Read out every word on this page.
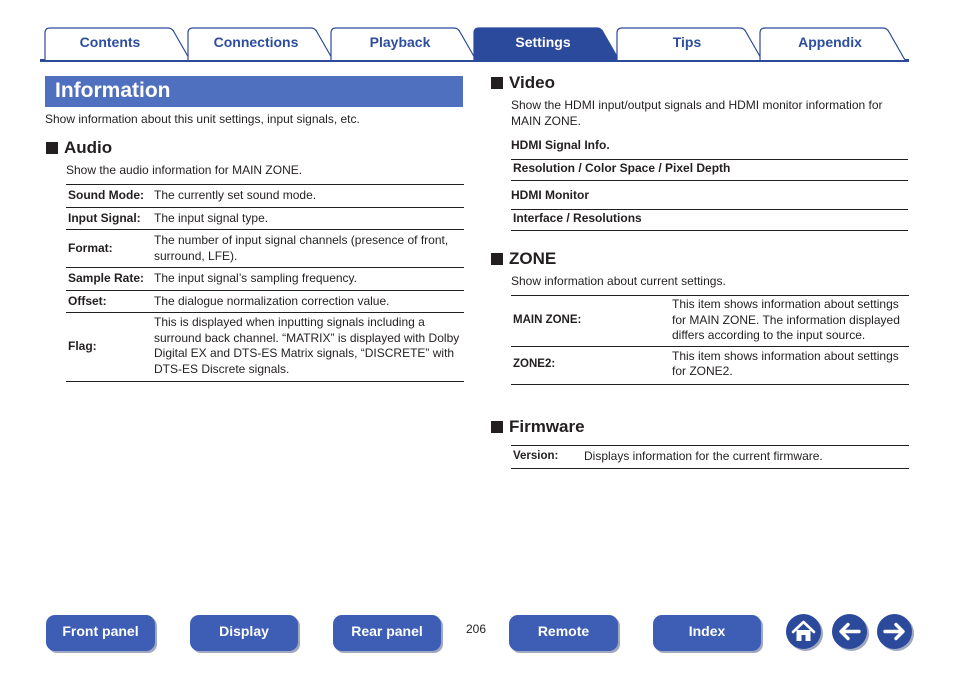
Contents	Connections	Playback	Settings	Tips	Appendix
Information
Show information about this unit settings, input signals, etc.
Audio
Show the audio information for MAIN ZONE.
Sound Mode:	The currently set sound mode.
Input Signal:	The input signal type.
Format:	The number of input signal channels (presence of front, surround, LFE).
Sample Rate:	The input signal’s sampling frequency.
Offset:	The dialogue normalization correction value.
Flag:	This is displayed when inputting signals including a surround back channel. “MATRIX” is displayed with Dolby Digital EX and DTS-ES Matrix signals, “DISCRETE” with DTS-ES Discrete signals.
Video
Show the HDMI input/output signals and HDMI monitor information for MAIN ZONE.
HDMI Signal Info.
Resolution / Color Space / Pixel Depth
HDMI Monitor
Interface / Resolutions
ZONE
Show information about current settings.
MAIN ZONE:	This item shows information about settings for MAIN ZONE. The information displayed differs according to the input source.
ZONE2:	This item shows information about settings for ZONE2.
Firmware
Version:	Displays information for the current firmware.
Front panel	Display	Rear panel	206	Remote	Index
